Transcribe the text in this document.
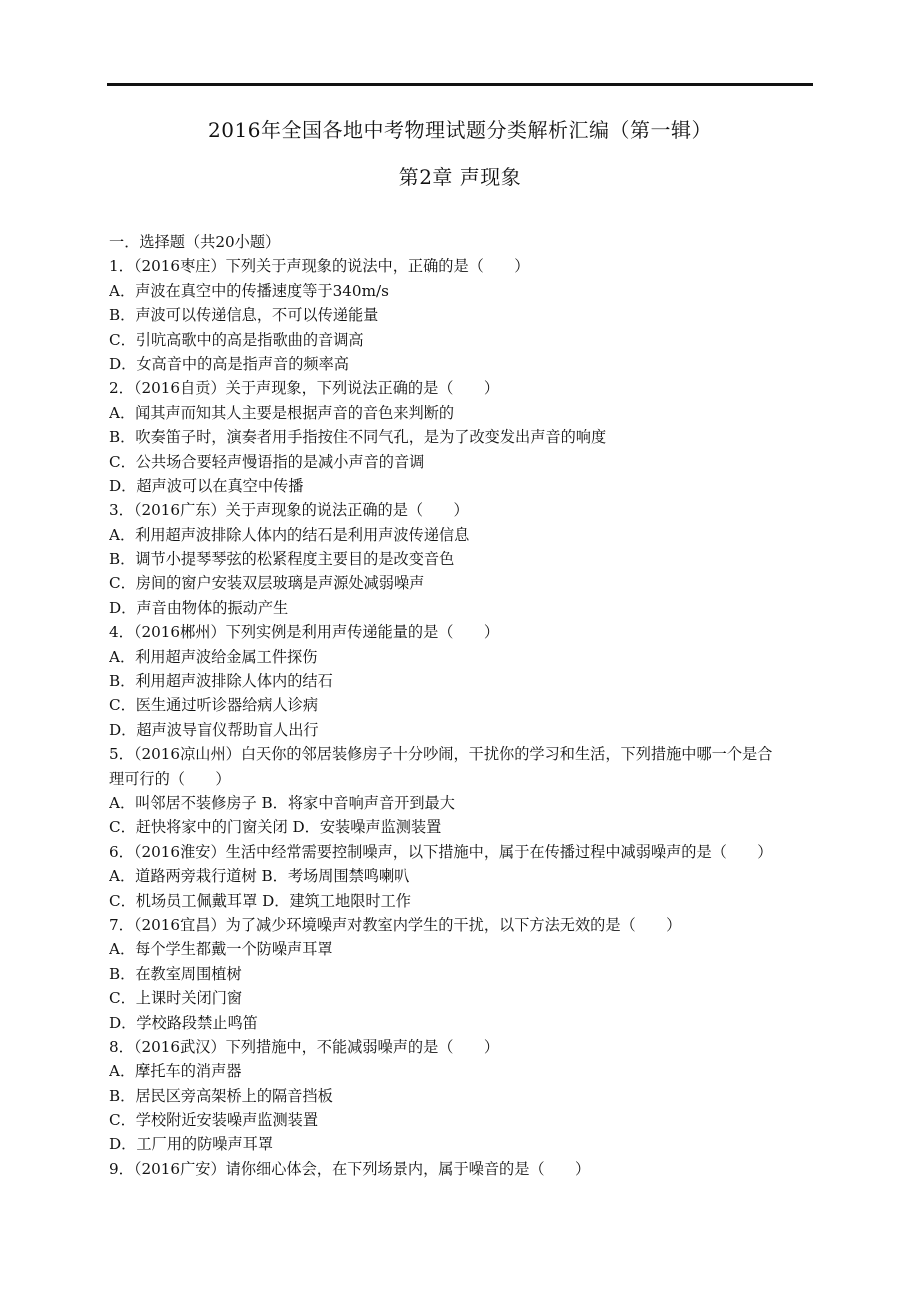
2016年全国各地中考物理试题分类解析汇编（第一辑）
第2章 声现象
一．选择题（共20小题）
1．（2016枣庄）下列关于声现象的说法中，正确的是（　　）
A．声波在真空中的传播速度等于340m/s
B．声波可以传递信息，不可以传递能量
C．引吭高歌中的高是指歌曲的音调高
D．女高音中的高是指声音的频率高
2．（2016自贡）关于声现象，下列说法正确的是（　　）
A．闻其声而知其人主要是根据声音的音色来判断的
B．吹奏笛子时，演奏者用手指按住不同气孔，是为了改变发出声音的响度
C．公共场合要轻声慢语指的是减小声音的音调
D．超声波可以在真空中传播
3．（2016广东）关于声现象的说法正确的是（　　）
A．利用超声波排除人体内的结石是利用声波传递信息
B．调节小提琴琴弦的松紧程度主要目的是改变音色
C．房间的窗户安装双层玻璃是声源处减弱噪声
D．声音由物体的振动产生
4．（2016郴州）下列实例是利用声传递能量的是（　　）
A．利用超声波给金属工件探伤
B．利用超声波排除人体内的结石
C．医生通过听诊器给病人诊病
D．超声波导盲仪帮助盲人出行
5．（2016凉山州）白天你的邻居装修房子十分吵闹，干扰你的学习和生活，下列措施中哪一个是合
理可行的（　　）
A．叫邻居不装修房子 B．将家中音响声音开到最大
C．赶快将家中的门窗关闭 D．安装噪声监测装置
6．（2016淮安）生活中经常需要控制噪声，以下措施中，属于在传播过程中减弱噪声的是（　　）
A．道路两旁栽行道树 B．考场周围禁鸣喇叭
C．机场员工佩戴耳罩 D．建筑工地限时工作
7．（2016宜昌）为了减少环境噪声对教室内学生的干扰，以下方法无效的是（　　）
A．每个学生都戴一个防噪声耳罩
B．在教室周围植树
C．上课时关闭门窗
D．学校路段禁止鸣笛
8．（2016武汉）下列措施中，不能减弱噪声的是（　　）
A．摩托车的消声器
B．居民区旁高架桥上的隔音挡板
C．学校附近安装噪声监测装置
D．工厂用的防噪声耳罩
9．（2016广安）请你细心体会，在下列场景内，属于噪音的是（　　）
